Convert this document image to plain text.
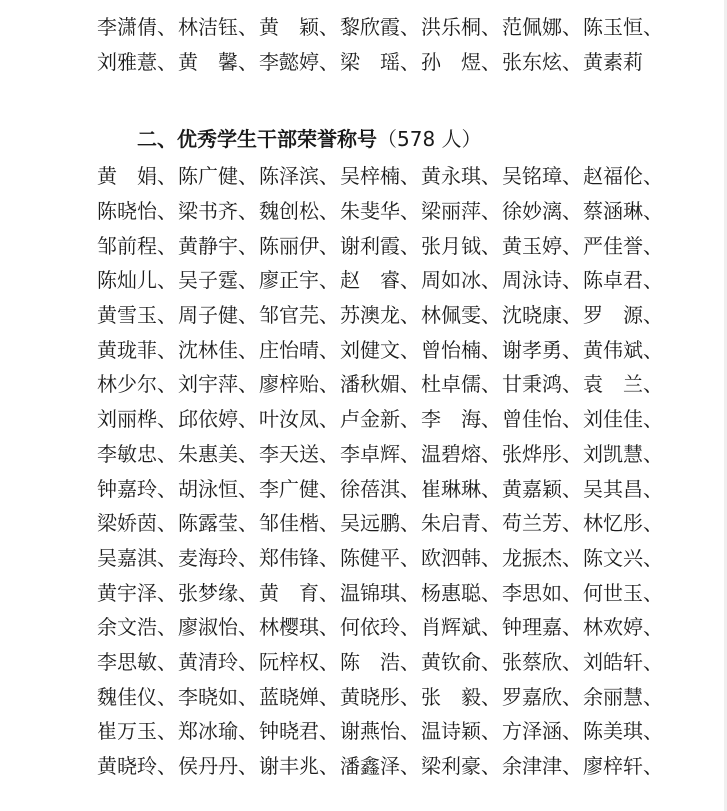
李潇倩、 林洁钰、 黄　颖、 黎欣霞、 洪乐桐、 范佩娜、 陈玉恒、
刘雅薏、 黄　馨、 李懿婷、 梁　瑶、 孙　煜、 张东炫、 黄素莉
二、优秀学生干部荣誉称号（578 人）
黄　娟、 陈广健、 陈泽滨、 吴梓楠、 黄永琪、 吴铭璋、 赵福伦、
陈晓怡、 梁书齐、 魏创松、 朱斐华、 梁丽萍、 徐妙漓、 蔡涵琳、
邹前程、 黄静宇、 陈丽伊、 谢利霞、 张月钺、 黄玉婷、 严佳誉、
陈灿儿、 吴子霆、 廖正宇、 赵　睿、 周如冰、 周泳诗、 陈卓君、
黄雪玉、 周子健、 邹官芫、 苏澳龙、 林佩雯、 沈晓康、 罗　源、
黄珑菲、 沈林佳、 庄怡晴、 刘健文、 曾怡楠、 谢孝勇、 黄伟斌、
林少尔、 刘宇萍、 廖梓贻、 潘秋媚、 杜卓儒、 甘秉鸿、 袁　兰、
刘丽桦、 邱依婷、 叶汝凤、 卢金新、 李　海、 曾佳怡、 刘佳佳、
李敏忠、 朱惠美、 李天送、 李卓辉、 温碧熔、 张烨彤、 刘凯慧、
钟嘉玲、 胡泳恒、 李广健、 徐蓓淇、 崔琳琳、 黄嘉颖、 吴其昌、
梁娇茵、 陈露莹、 邹佳楷、 吴远鹏、 朱启青、 苟兰芳、 林忆彤、
吴嘉淇、 麦海玲、 郑伟锋、 陈健平、 欧泗韩、 龙振杰、 陈文兴、
黄宇泽、 张梦缘、 黄　育、 温锦琪、 杨惠聪、 李思如、 何世玉、
余文浩、 廖淑怡、 林樱琪、 何依玲、 肖辉斌、 钟理嘉、 林欢婷、
李思敏、 黄清玲、 阮梓权、 陈　浩、 黄钦俞、 张蔡欣、 刘皓轩、
魏佳仪、 李晓如、 蓝晓婵、 黄晓彤、 张　毅、 罗嘉欣、 余丽慧、
崔万玉、 郑冰瑜、 钟晓君、 谢燕怡、 温诗颖、 方泽涵、 陈美琪、
黄晓玲、 侯丹丹、 谢丰兆、 潘鑫泽、 梁利豪、 余津津、 廖梓轩、
